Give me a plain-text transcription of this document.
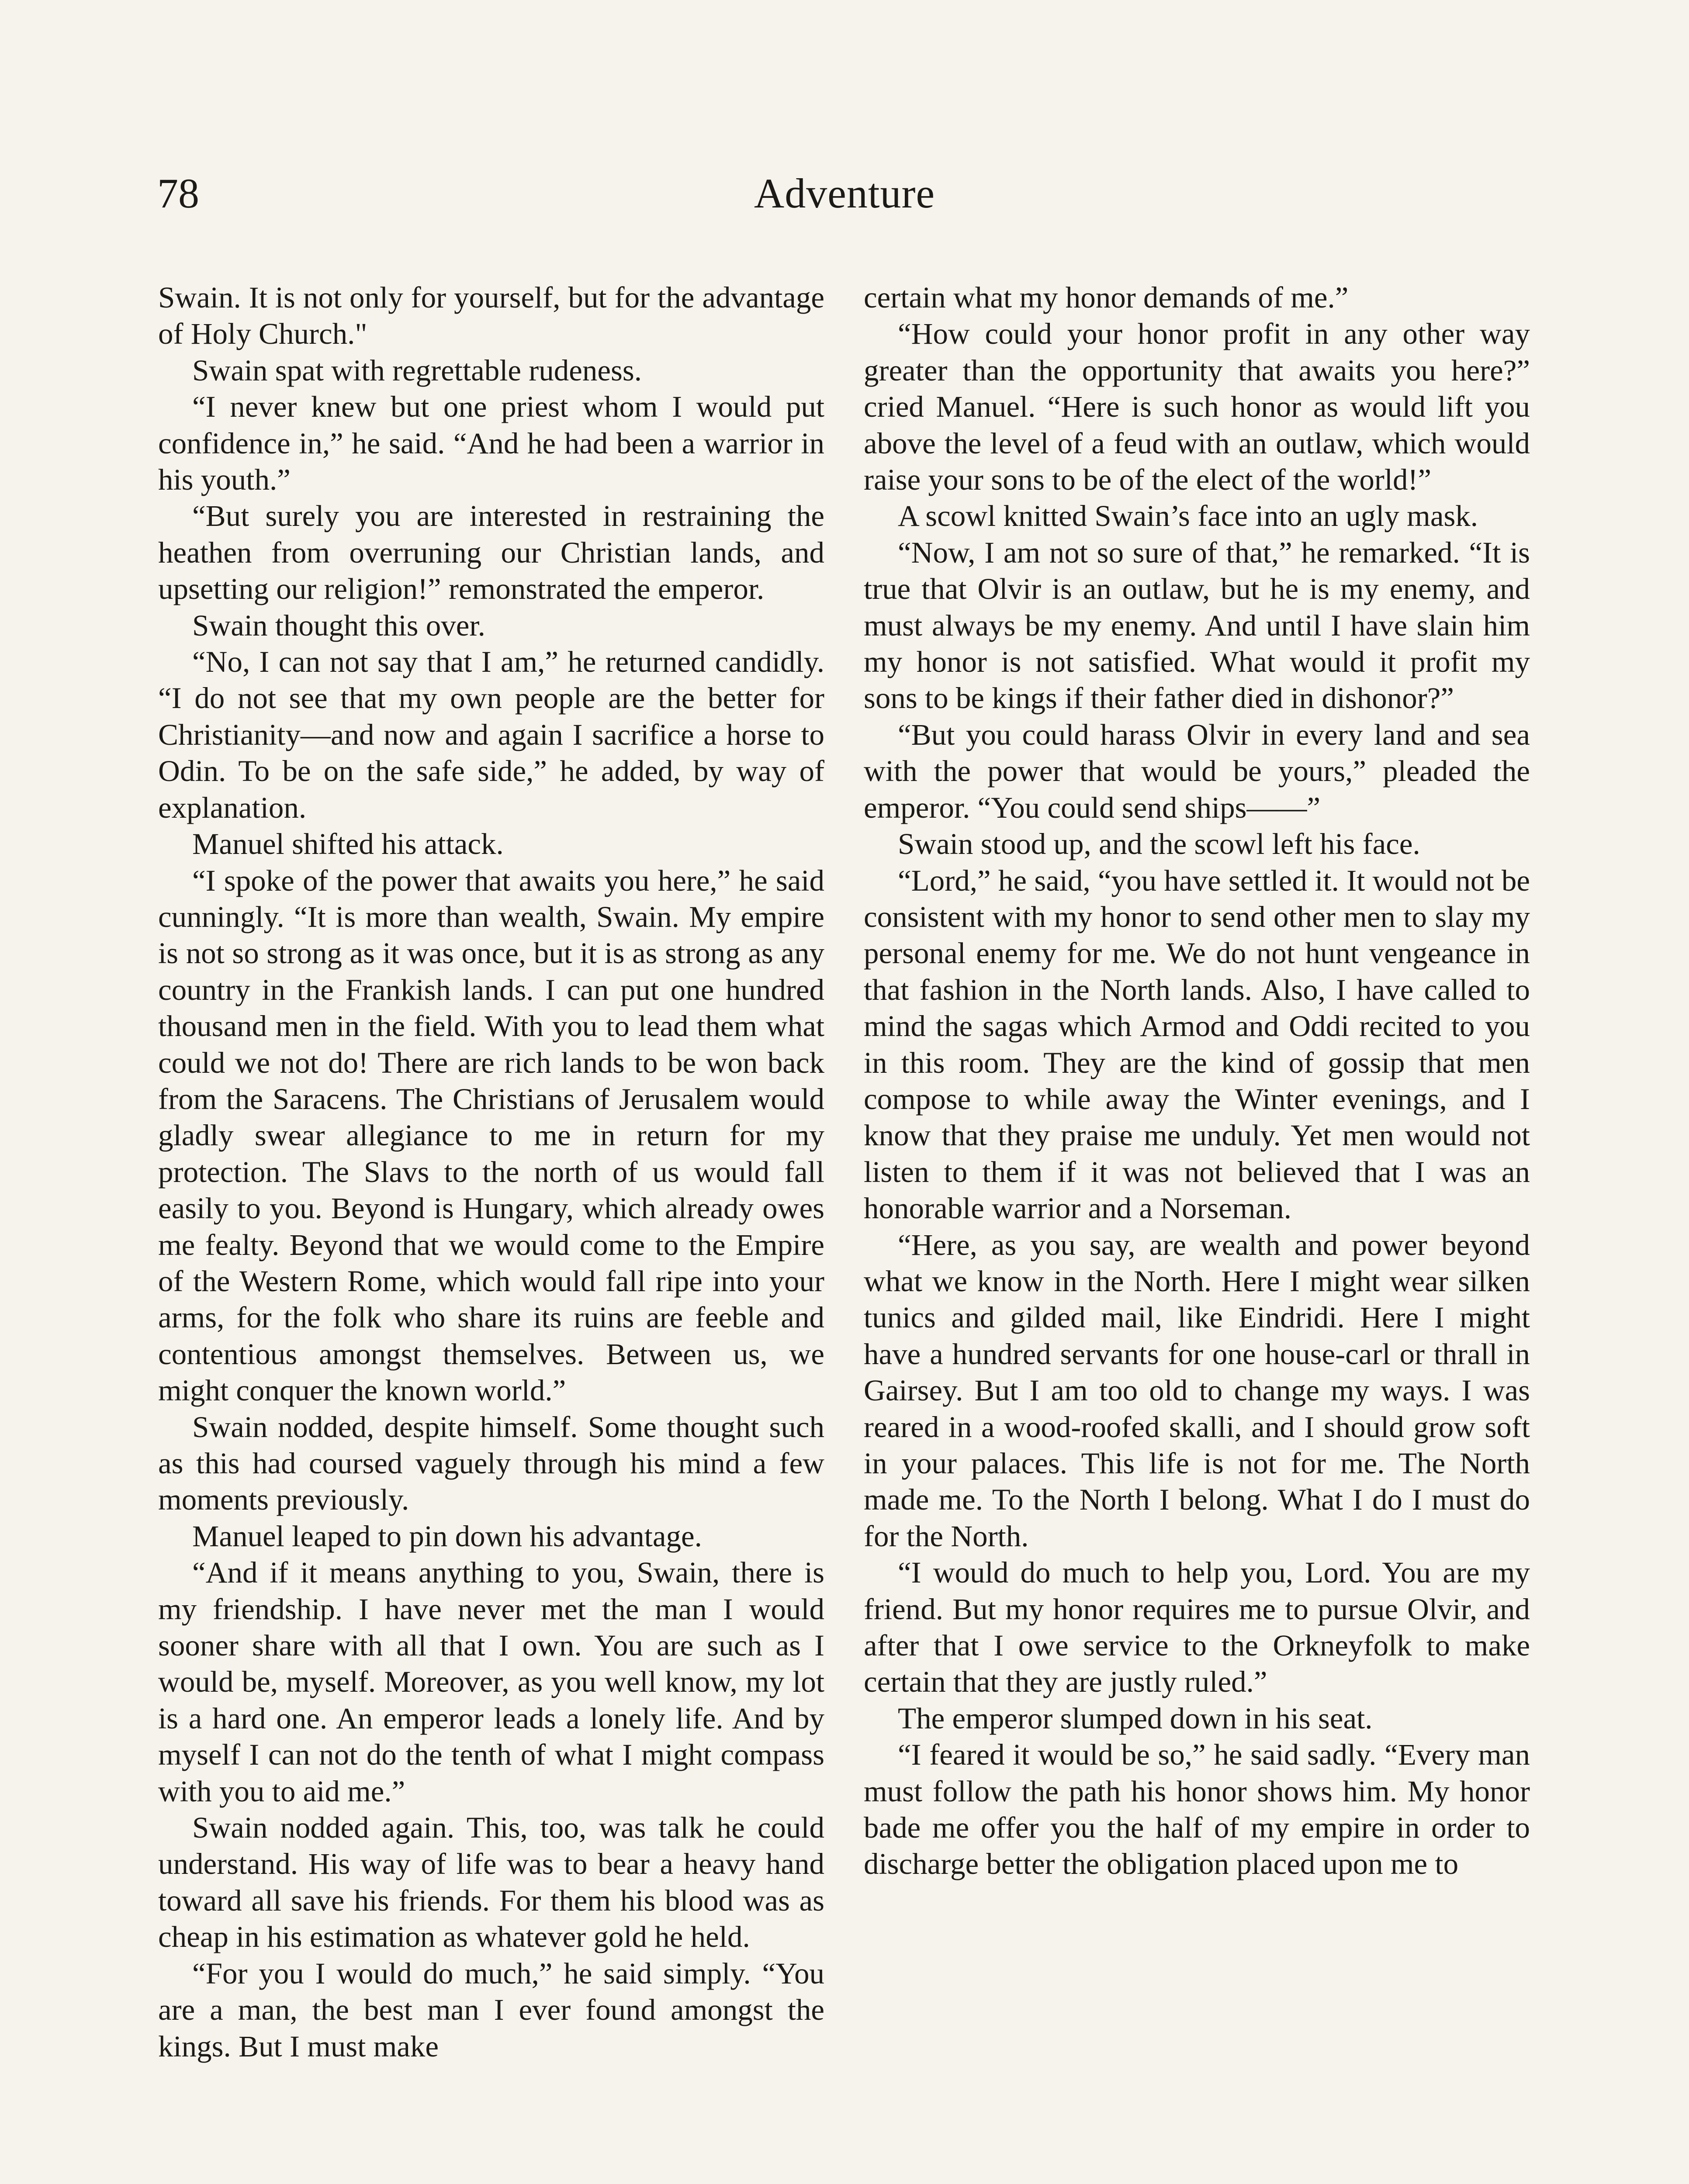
78	Adventure

Swain. It is not only for yourself, but for the advantage of Holy Church."

Swain spat with regrettable rudeness.

“I never knew but one priest whom I would put confidence in,” he said. “And he had been a warrior in his youth.”

“But surely you are interested in restraining the heathen from overruning our Christian lands, and upsetting our religion!” remonstrated the emperor.

Swain thought this over.

“No, I can not say that I am,” he returned candidly. “I do not see that my own people are the better for Christianity—and now and again I sacrifice a horse to Odin. To be on the safe side,” he added, by way of explanation.

Manuel shifted his attack.

“I spoke of the power that awaits you here,” he said cunningly. “It is more than wealth, Swain. My empire is not so strong as it was once, but it is as strong as any country in the Frankish lands. I can put one hundred thousand men in the field. With you to lead them what could we not do! There are rich lands to be won back from the Saracens. The Christians of Jerusalem would gladly swear allegiance to me in return for my protection. The Slavs to the north of us would fall easily to you. Beyond is Hungary, which already owes me fealty. Beyond that we would come to the Empire of the Western Rome, which would fall ripe into your arms, for the folk who share its ruins are feeble and contentious amongst themselves. Between us, we might conquer the known world.”

Swain nodded, despite himself. Some thought such as this had coursed vaguely through his mind a few moments previously.

Manuel leaped to pin down his advantage.

“And if it means anything to you, Swain, there is my friendship. I have never met the man I would sooner share with all that I own. You are such as I would be, myself. Moreover, as you well know, my lot is a hard one. An emperor leads a lonely life. And by myself I can not do the tenth of what I might compass with you to aid me.”

Swain nodded again. This, too, was talk he could understand. His way of life was to bear a heavy hand toward all save his friends. For them his blood was as cheap in his estimation as whatever gold he held.

“For you I would do much,” he said simply. “You are a man, the best man I ever found amongst the kings. But I must make

certain what my honor demands of me.”

“How could your honor profit in any other way greater than the opportunity that awaits you here?” cried Manuel. “Here is such honor as would lift you above the level of a feud with an outlaw, which would raise your sons to be of the elect of the world!”

A scowl knitted Swain’s face into an ugly mask.

“Now, I am not so sure of that,” he remarked. “It is true that Olvir is an outlaw, but he is my enemy, and must always be my enemy. And until I have slain him my honor is not satisfied. What would it profit my sons to be kings if their father died in dishonor?”

“But you could harass Olvir in every land and sea with the power that would be yours,” pleaded the emperor. “You could send ships——”

Swain stood up, and the scowl left his face.

“Lord,” he said, “you have settled it. It would not be consistent with my honor to send other men to slay my personal enemy for me. We do not hunt vengeance in that fashion in the North lands. Also, I have called to mind the sagas which Armod and Oddi recited to you in this room. They are the kind of gossip that men compose to while away the Winter evenings, and I know that they praise me unduly. Yet men would not listen to them if it was not believed that I was an honorable warrior and a Norseman.

“Here, as you say, are wealth and power beyond what we know in the North. Here I might wear silken tunics and gilded mail, like Eindridi. Here I might have a hundred servants for one house-carl or thrall in Gairsey. But I am too old to change my ways. I was reared in a wood-roofed skalli, and I should grow soft in your palaces. This life is not for me. The North made me. To the North I belong. What I do I must do for the North.

“I would do much to help you, Lord. You are my friend. But my honor requires me to pursue Olvir, and after that I owe service to the Orkneyfolk to make certain that they are justly ruled.”

The emperor slumped down in his seat.

“I feared it would be so,” he said sadly. “Every man must follow the path his honor shows him. My honor bade me offer you the half of my empire in order to discharge better the obligation placed upon me to
